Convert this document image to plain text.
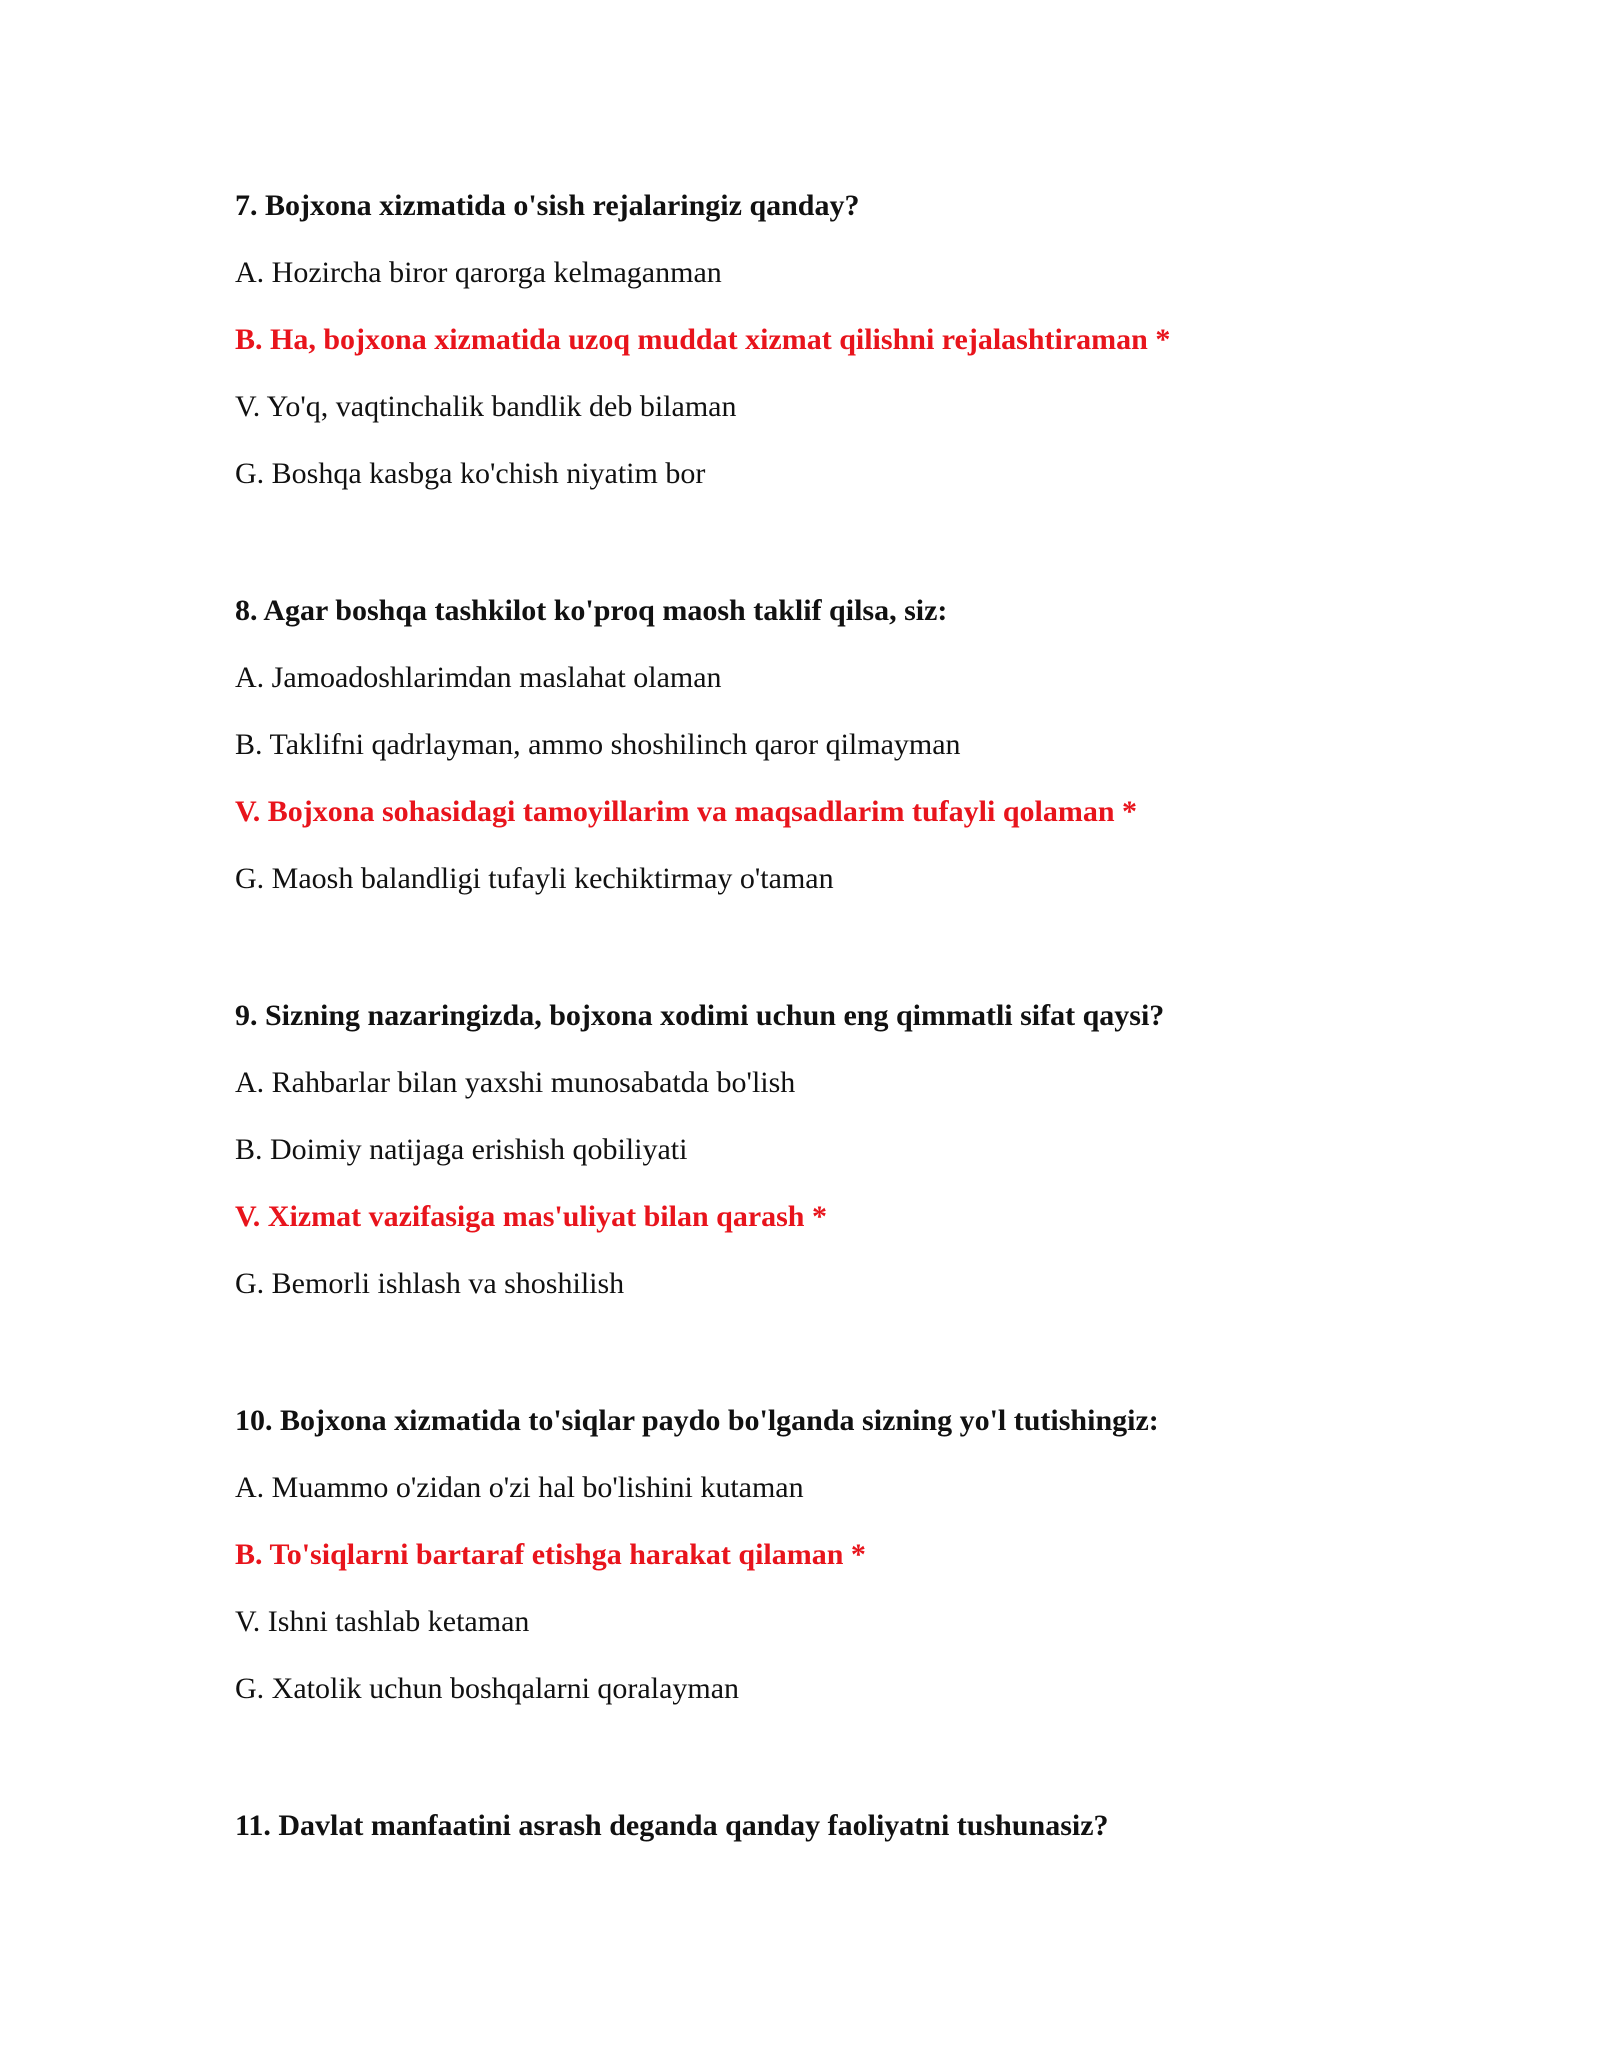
7. Bojxona xizmatida o'sish rejalaringiz qanday?

A. Hozircha biror qarorga kelmaganman

B. Ha, bojxona xizmatida uzoq muddat xizmat qilishni rejalashtiraman *

V. Yo'q, vaqtinchalik bandlik deb bilaman

G. Boshqa kasbga ko'chish niyatim bor

8. Agar boshqa tashkilot ko'proq maosh taklif qilsa, siz:

A. Jamoadoshlarimdan maslahat olaman

B. Taklifni qadrlayman, ammo shoshilinch qaror qilmayman

V. Bojxona sohasidagi tamoyillarim va maqsadlarim tufayli qolaman *

G. Maosh balandligi tufayli kechiktirmay o'taman

9. Sizning nazaringizda, bojxona xodimi uchun eng qimmatli sifat qaysi?

A. Rahbarlar bilan yaxshi munosabatda bo'lish

B. Doimiy natijaga erishish qobiliyati

V. Xizmat vazifasiga mas'uliyat bilan qarash *

G. Bemorli ishlash va shoshilish

10. Bojxona xizmatida to'siqlar paydo bo'lganda sizning yo'l tutishingiz:

A. Muammo o'zidan o'zi hal bo'lishini kutaman

B. To'siqlarni bartaraf etishga harakat qilaman *

V. Ishni tashlab ketaman

G. Xatolik uchun boshqalarni qoralayman

11. Davlat manfaatini asrash deganda qanday faoliyatni tushunasiz?
